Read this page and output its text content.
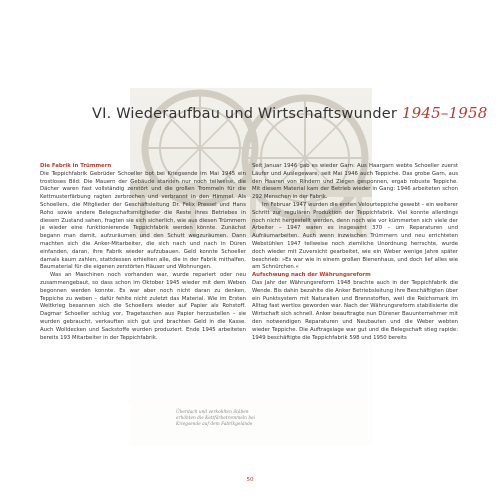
VI. Wiederaufbau und Wirtschaftswunder 1945–1958

Die Fabrik in Trümmern

Die Teppichfabrik Gebrüder Schoeller bot bei Kriegsende im Mai 1945 ein trostloses Bild: Die Mauern der Gebäude standen nur noch teilweise, die Dächer waren fast vollständig zerstört und die großen Trommeln für die Kettmusterfärbung ragten zerbrochen und verbrannt in den Himmel. Als Schoellers, die Mitglieder der Geschäftsleitung Dr. Felix Pressel und Hans Roho sowie andere Belegschaftsmitglieder die Reste ihres Betriebes in diesem Zustand sahen, fragten sie sich sicherlich, wie aus diesen Trümmern je wieder eine funktionierende Teppichfabrik werden könnte. Zunächst begann man damit, aufzuräumen und den Schutt wegzuräumen. Dann machten sich die Anker-Mitarbeiter, die sich nach und nach in Düren einfanden, daran, ihre Fabrik wieder aufzubauen. Geld konnte Schoeller damals kaum zahlen, stattdessen erhielten alle, die in der Fabrik mithalfen, Baumaterial für die eigenen zerstörten Häuser und Wohnungen.

Was an Maschinen noch vorhanden war, wurde repariert oder neu zusammengebaut, so dass schon im Oktober 1945 wieder mit dem Weben begonnen werden konnte. Es war aber noch nicht daran zu denken, Teppiche zu weben – dafür fehlte nicht zuletzt das Material. Wie im Ersten Weltkrieg besannen sich die Schoellers wieder auf Papier als Rohstoff. Dagmar Schoeller schlug vor, Tragetaschen aus Papier herzustellen – sie wurden gebraucht, verkauften sich gut und brachten Geld in die Kasse. Auch Wolldecken und Sackstoffe wurden produziert. Ende 1945 arbeiteten bereits 193 Mitarbeiter in der Teppichfabrik.

Seit Januar 1946 gab es wieder Garn: Aus Haargarn webte Schoeller zuerst Läufer und Auslegeware, seit Mai 1946 auch Teppiche. Das grobe Garn, aus den Haaren von Rindern und Ziegen gesponnen, ergab robuste Teppiche. Mit diesem Material kam der Betrieb wieder in Gang: 1946 arbeiteten schon 292 Menschen in der Fabrik.

Im Februar 1947 wurden die ersten Velourteppiche gewebt – ein weiterer Schritt zur regulären Produktion der Teppichfabrik. Viel konnte allerdings noch nicht hergestellt werden, denn noch wie vor kümmerten sich viele der Arbeiter – 1947 waren es insgesamt 370 – um Reparaturen und Aufräumarbeiten. Auch wenn inzwischen Trümmern und neu errichteten Webstühlen 1947 teilweise noch ziemliche Unordnung herrschte, wurde doch wieder mit Zuversicht gearbeitet, wie ein Weber wenige Jahre später beschrieb: »Es war wie in einem großen Bienenhaus, und doch lief alles wie am Schnürchen.«

Aufschwung nach der Währungsreform

Das Jahr der Währungsreform 1948 brachte auch in der Teppichfabrik die Wende. Bis dahin bezahlte die Anker Betriebsleitung ihre Beschäftigten über ein Punktsystem mit Naturalien und Brennstoffen, weil die Reichsmark im Alltag fast wertlos geworden war. Nach der Währungsreform stabilisierte die Wirtschaft sich schnell. Anker beauftragte nun Dürener Bauunternehmer mit den notwendigen Reparaturen und Neubauten und die Weber webten wieder Teppiche. Die Auftragslage war gut und die Belegschaft stieg rapide: 1949 beschäftigte die Teppichfabrik 598 und 1950 bereits

Überdach und verkohlten Stäben erhöhten die Kettfärbetrommeln bei Kriegsende auf dem Fabrikgelände
50
